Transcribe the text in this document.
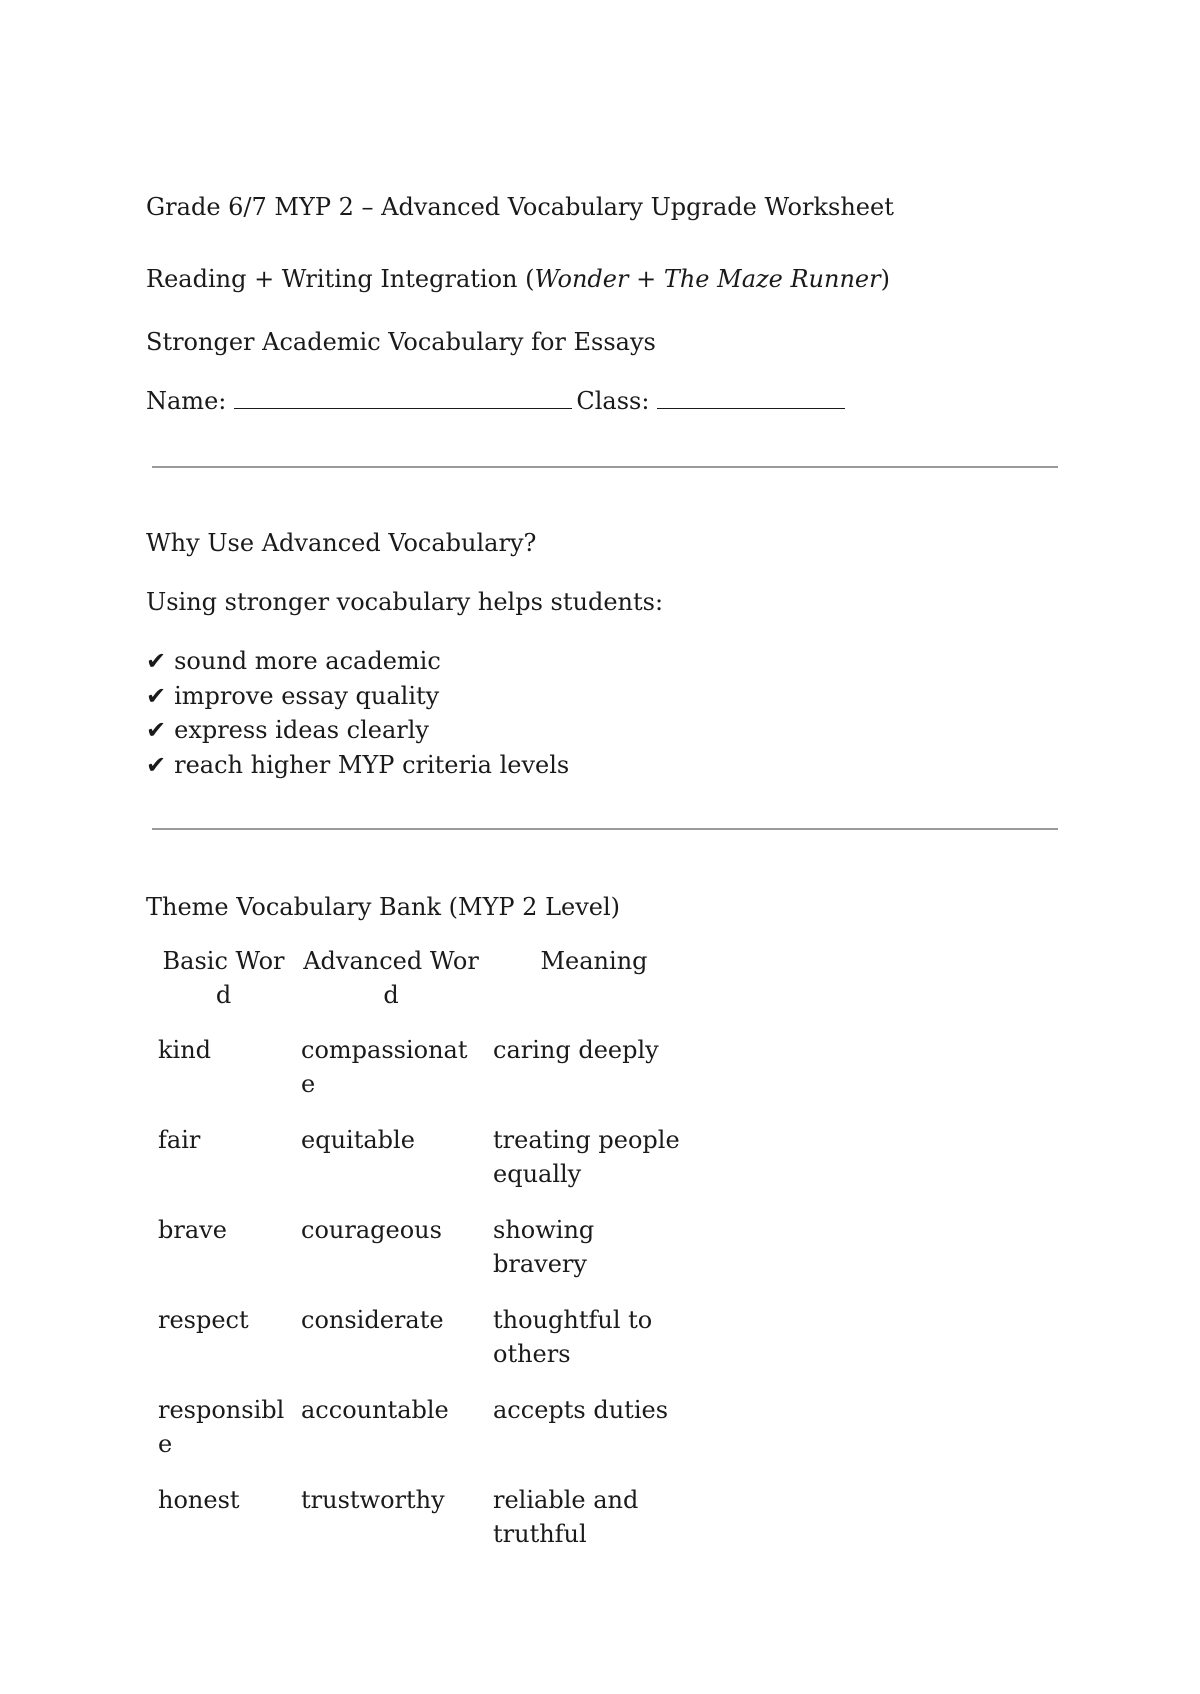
Grade 6/7 MYP 2 – Advanced Vocabulary Upgrade Worksheet
Reading + Writing Integration (Wonder + The Maze Runner)
Stronger Academic Vocabulary for Essays
Name:	Class:
Why Use Advanced Vocabulary?
Using stronger vocabulary helps students:
✔ sound more academic
✔ improve essay quality
✔ express ideas clearly
✔ reach higher MYP criteria levels
Theme Vocabulary Bank (MYP 2 Level)
Basic Word	Advanced Word	Meaning
kind	compassionate	caring deeply
fair	equitable	treating people equally
brave	courageous	showing bravery
respect	considerate	thoughtful to others
responsible	accountable	accepts duties
honest	trustworthy	reliable and truthful
